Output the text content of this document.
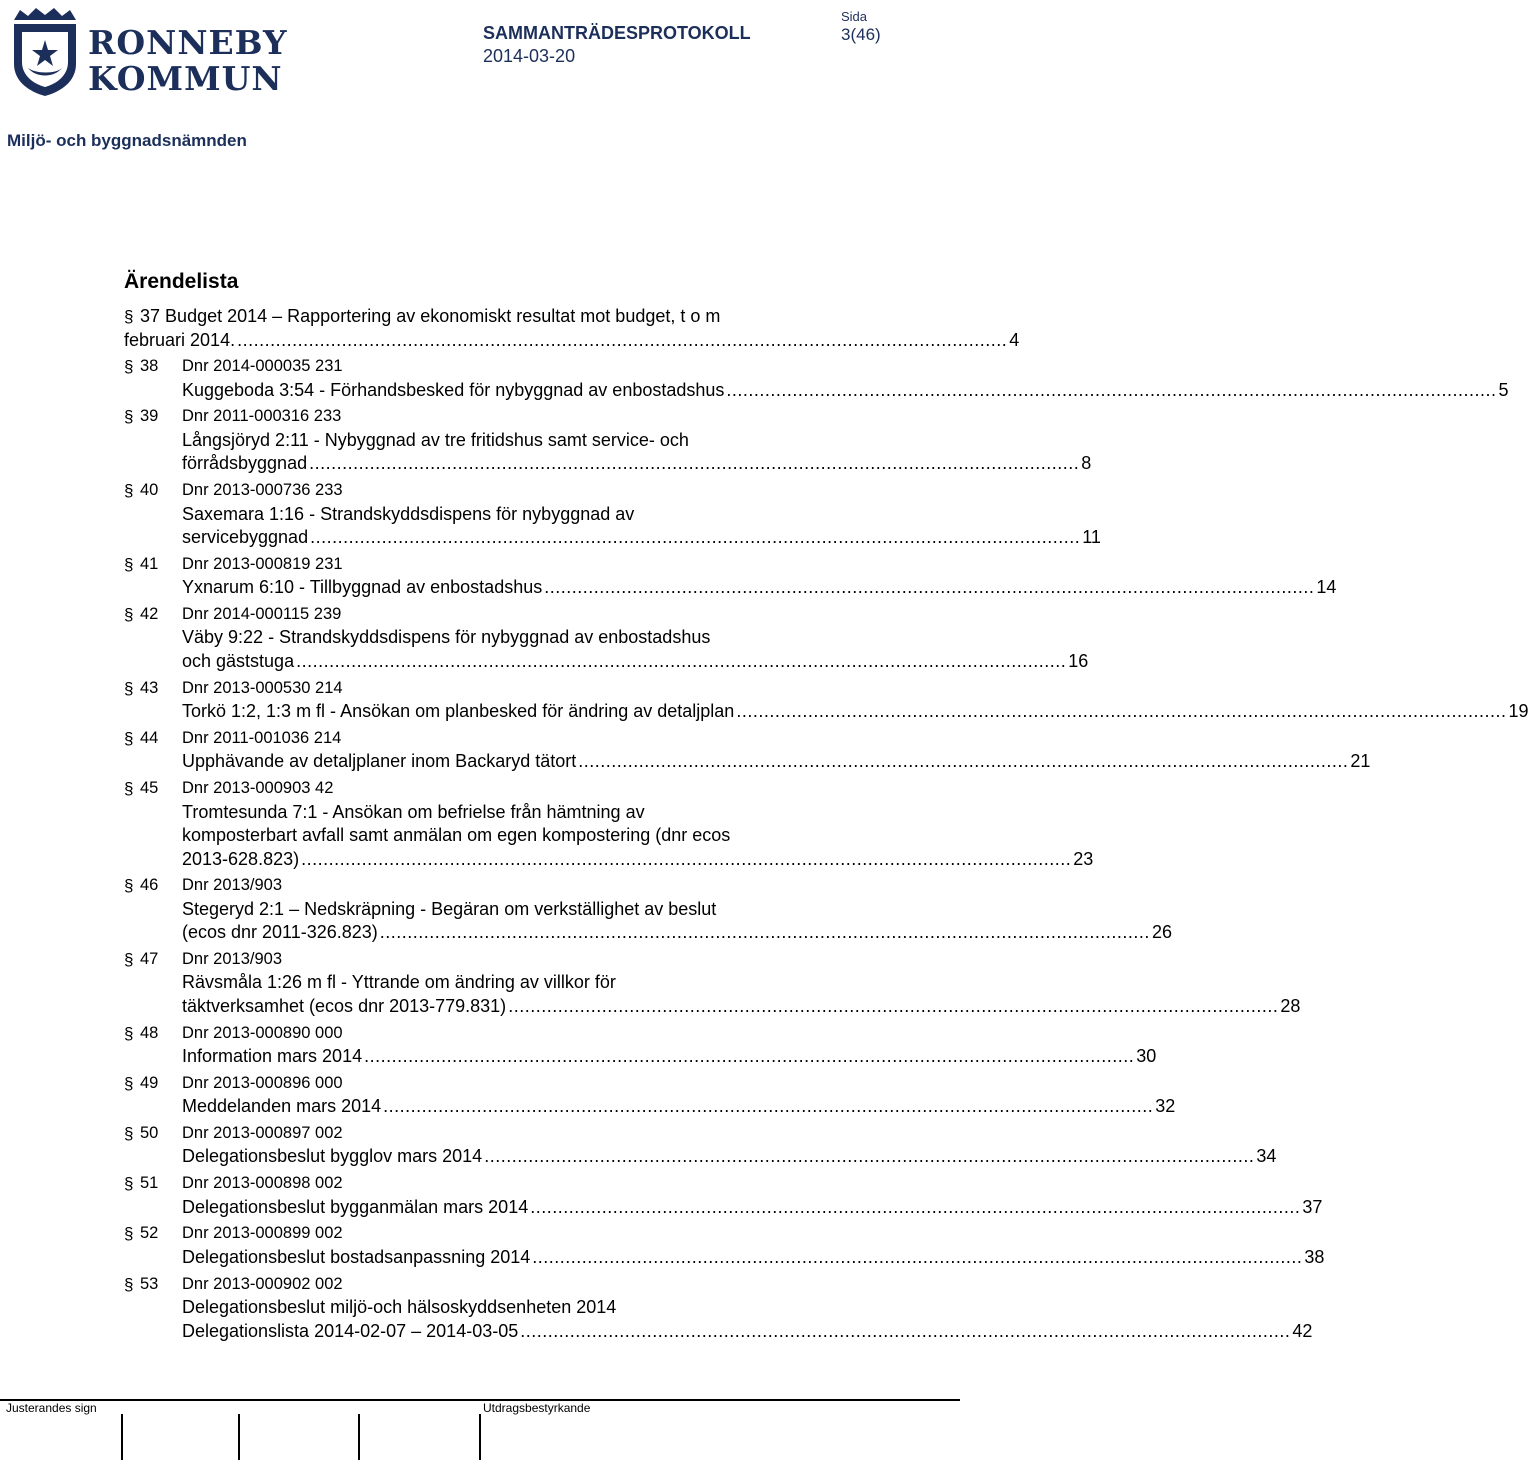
RONNEBY
KOMMUN
SAMMANTRÄDESPROTOKOLL
2014-03-20
Sida
3(46)
Miljö- och byggnadsnämnden
Ärendelista
§ 37 Budget 2014 – Rapportering av ekonomiskt resultat mot budget, t o m
februari 2014. ............................................................................................................................................ 4
§ 38	Dnr 2014-000035 231
Kuggeboda 3:54 - Förhandsbesked för nybyggnad av enbostadshus ............................................................................................................................................ 5
§ 39	Dnr 2011-000316 233
Långsjöryd 2:11 - Nybyggnad av tre fritidshus samt service- och
förrådsbyggnad ............................................................................................................................................ 8
§ 40	Dnr 2013-000736 233
Saxemara 1:16 - Strandskyddsdispens för nybyggnad av
servicebyggnad ............................................................................................................................................ 11
§ 41	Dnr 2013-000819 231
Yxnarum 6:10 - Tillbyggnad av enbostadshus ............................................................................................................................................ 14
§ 42	Dnr 2014-000115 239
Väby 9:22 - Strandskyddsdispens för nybyggnad av enbostadshus
och gäststuga ............................................................................................................................................ 16
§ 43	Dnr 2013-000530 214
Torkö 1:2, 1:3 m fl - Ansökan om planbesked för ändring av detaljplan ............................................................................................................................................ 19
§ 44	Dnr 2011-001036 214
Upphävande av detaljplaner inom Backaryd tätort ............................................................................................................................................ 21
§ 45	Dnr 2013-000903 42
Tromtesunda 7:1 - Ansökan om befrielse från hämtning av
komposterbart avfall samt anmälan om egen kompostering (dnr ecos
2013-628.823) ............................................................................................................................................ 23
§ 46	Dnr 2013/903
Stegeryd 2:1 – Nedskräpning - Begäran om verkställighet av beslut
(ecos dnr 2011-326.823) ............................................................................................................................................ 26
§ 47	Dnr 2013/903
Rävsmåla 1:26 m fl - Yttrande om ändring av villkor för
täktverksamhet (ecos dnr 2013-779.831) ............................................................................................................................................ 28
§ 48	Dnr 2013-000890 000
Information mars 2014 ............................................................................................................................................ 30
§ 49	Dnr 2013-000896 000
Meddelanden mars 2014 ............................................................................................................................................ 32
§ 50	Dnr 2013-000897 002
Delegationsbeslut bygglov mars 2014 ............................................................................................................................................ 34
§ 51	Dnr 2013-000898 002
Delegationsbeslut bygganmälan mars 2014 ............................................................................................................................................ 37
§ 52	Dnr 2013-000899 002
Delegationsbeslut bostadsanpassning 2014 ............................................................................................................................................ 38
§ 53	Dnr 2013-000902 002
Delegationsbeslut miljö-och hälsoskyddsenheten 2014
Delegationslista 2014-02-07 – 2014-03-05 ............................................................................................................................................ 42
Justerandes sign	Utdragsbestyrkande
